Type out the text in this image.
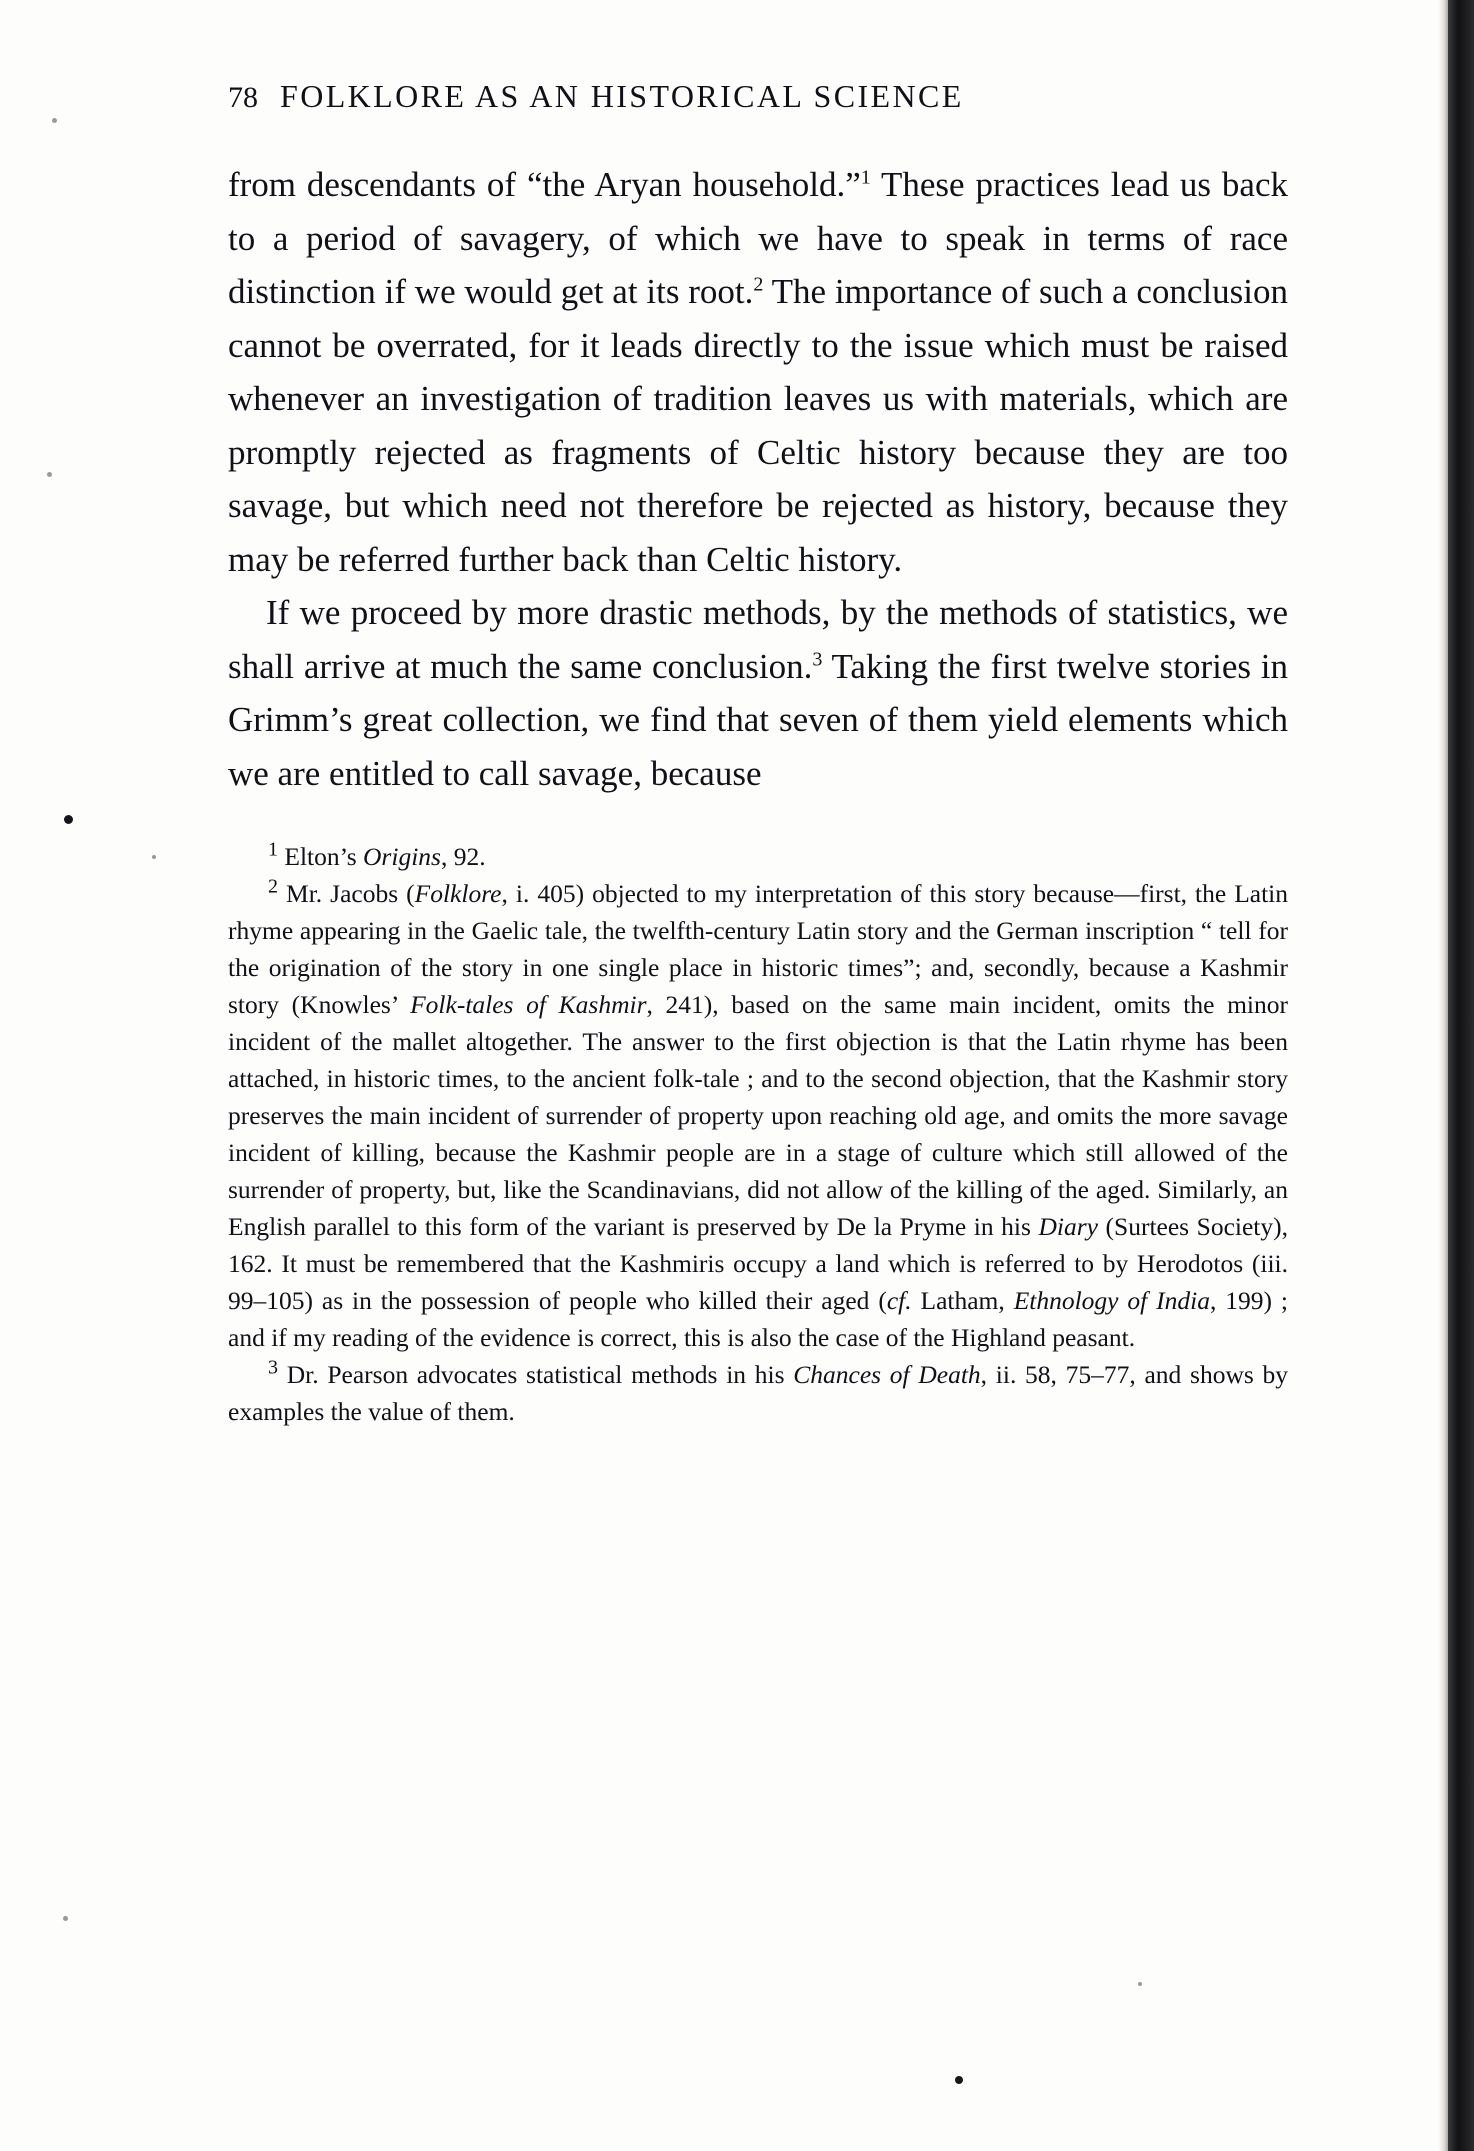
78 FOLKLORE AS AN HISTORICAL SCIENCE

from descendants of “the Aryan household.”$^1$ These practices lead us back to a period of savagery, of which we have to speak in terms of race distinction if we would get at its root.$^2$ The importance of such a conclusion cannot be overrated, for it leads directly to the issue which must be raised whenever an investigation of tradition leaves us with materials, which are promptly rejected as fragments of Celtic history because they are too savage, but which need not therefore be rejected as history, because they may be referred further back than Celtic history.

If we proceed by more drastic methods, by the methods of statistics, we shall arrive at much the same conclusion.$^3$ Taking the first twelve stories in Grimm’s great collection, we find that seven of them yield elements which we are entitled to call savage, because

$^1$ Elton’s Origins, 92.

$^2$ Mr. Jacobs (Folklore, i. 405) objected to my interpretation of this story because—first, the Latin rhyme appearing in the Gaelic tale, the twelfth-century Latin story and the German inscription “ tell for the origination of the story in one single place in historic times”; and, secondly, because a Kashmir story (Knowles’ Folk-tales of Kashmir, 241), based on the same main incident, omits the minor incident of the mallet altogether. The answer to the first objection is that the Latin rhyme has been attached, in historic times, to the ancient folk-tale ; and to the second objection, that the Kashmir story preserves the main incident of surrender of property upon reaching old age, and omits the more savage incident of killing, because the Kashmir people are in a stage of culture which still allowed of the surrender of property, but, like the Scandinavians, did not allow of the killing of the aged. Similarly, an English parallel to this form of the variant is preserved by De la Pryme in his Diary (Surtees Society), 162. It must be remembered that the Kashmiris occupy a land which is referred to by Herodotos (iii. 99–105) as in the possession of people who killed their aged (cf. Latham, Ethnology of India, 199) ; and if my reading of the evidence is correct, this is also the case of the Highland peasant.

$^3$ Dr. Pearson advocates statistical methods in his Chances of Death, ii. 58, 75–77, and shows by examples the value of them.
